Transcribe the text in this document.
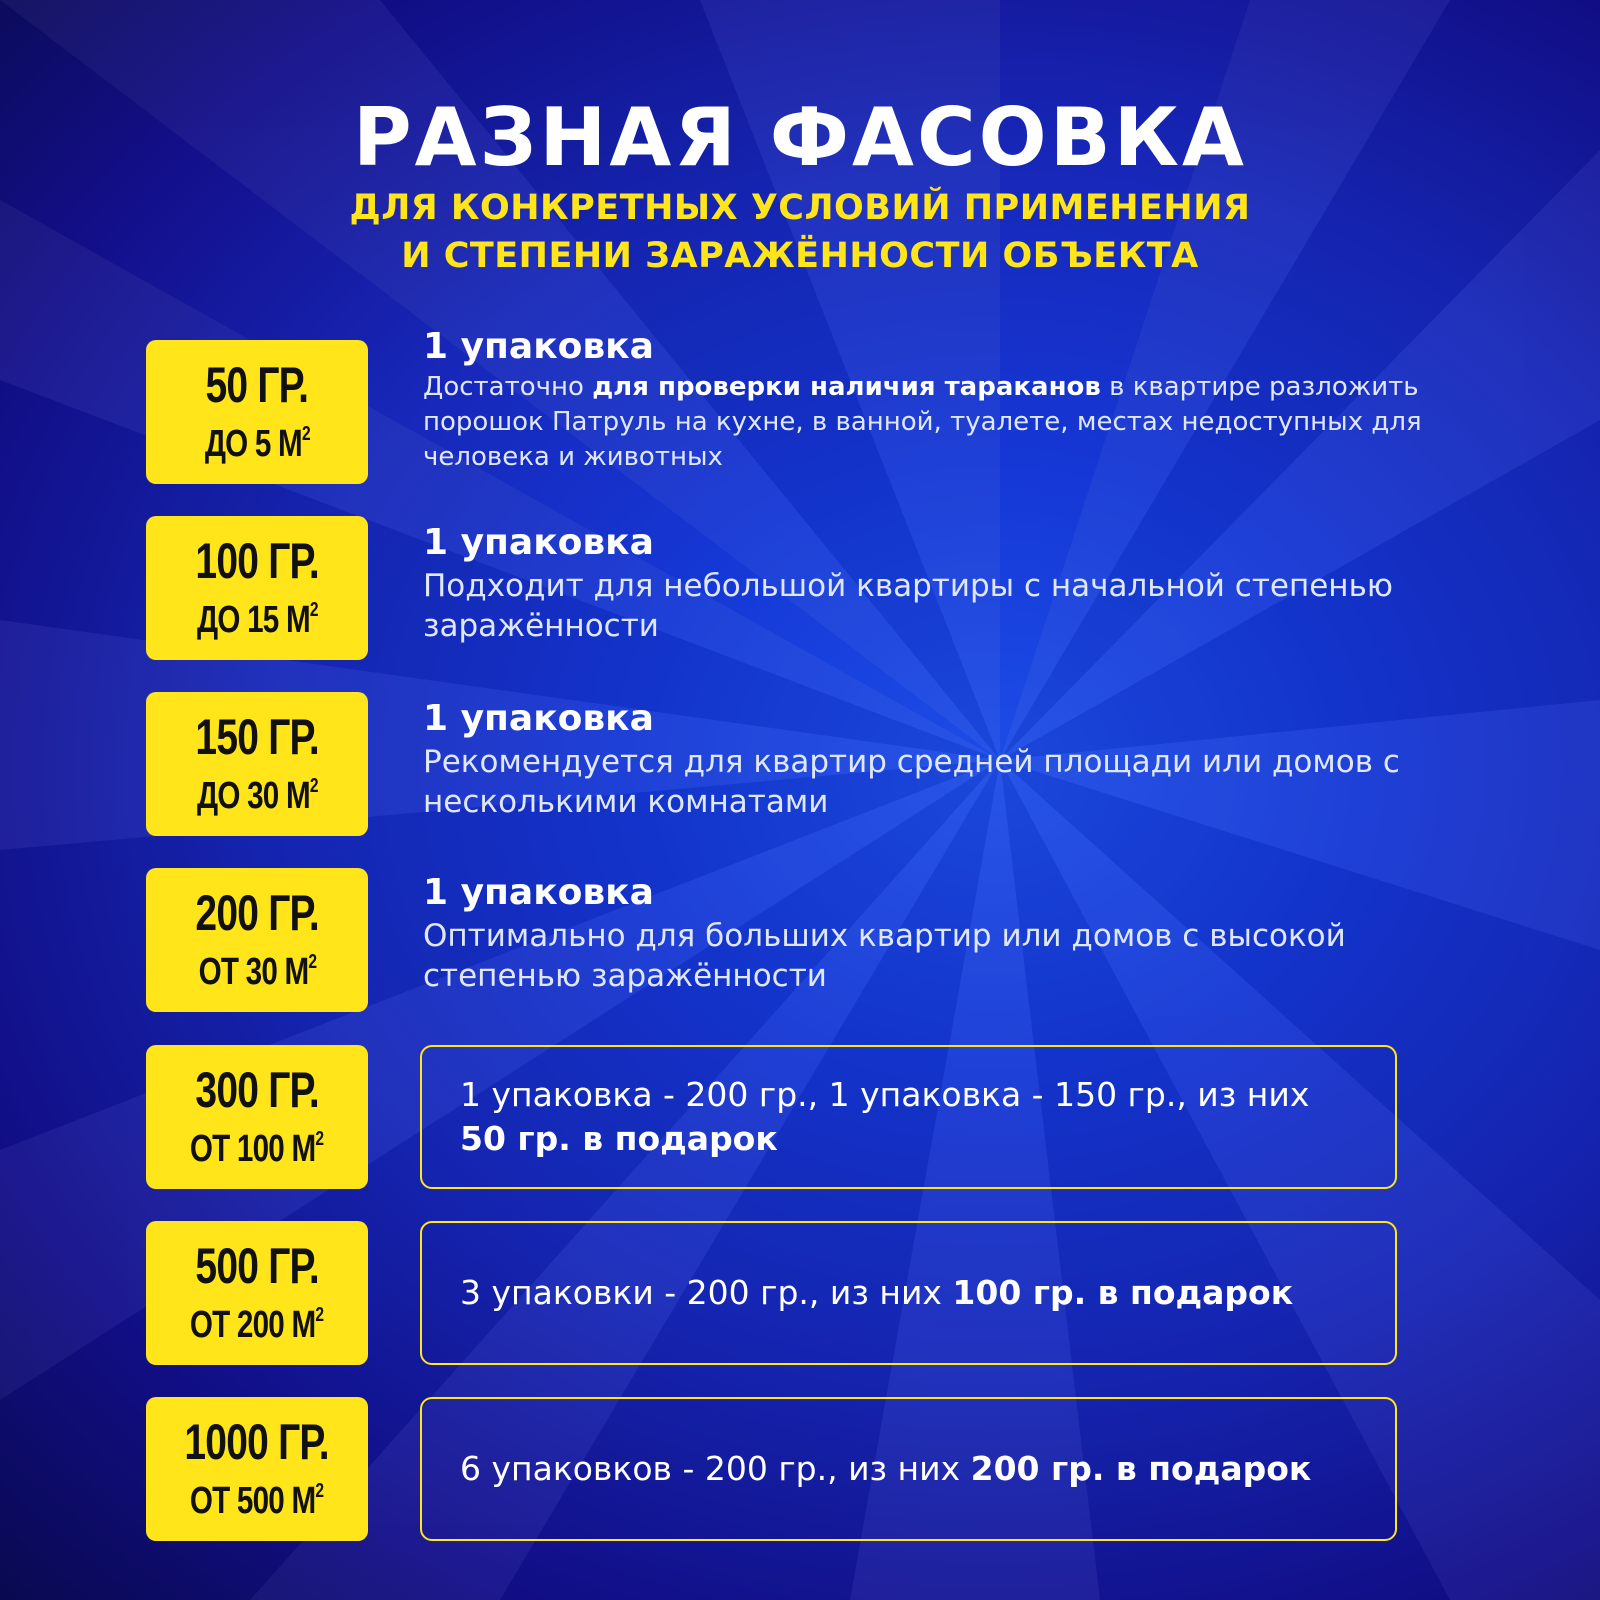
РАЗНАЯ ФАСОВКА
ДЛЯ КОНКРЕТНЫХ УСЛОВИЙ ПРИМЕНЕНИЯ
И СТЕПЕНИ ЗАРАЖЁННОСТИ ОБЪЕКТА
50 ГР.
ДО 5 $М^2$
1 упаковка
Достаточно для проверки наличия тараканов в квартире разложить порошок Патруль на кухне, в ванной, туалете, местах недоступных для человека и животных
100 ГР.
ДО 15 $М^2$
1 упаковка
Подходит для небольшой квартиры с начальной степенью заражённости
150 ГР.
ДО 30 $М^2$
1 упаковка
Рекомендуется для квартир средней площади или домов с несколькими комнатами
200 ГР.
ОТ 30 $М^2$
1 упаковка
Оптимально для больших квартир или домов с высокой степенью заражённости
300 ГР.
ОТ 100 $М^2$
1 упаковка - 200 гр., 1 упаковка - 150 гр., из них
50 гр. в подарок
500 ГР.
ОТ 200 $М^2$
3 упаковки - 200 гр., из них 100 гр. в подарок
1000 ГР.
ОТ 500 $М^2$
6 упаковков - 200 гр., из них 200 гр. в подарок
